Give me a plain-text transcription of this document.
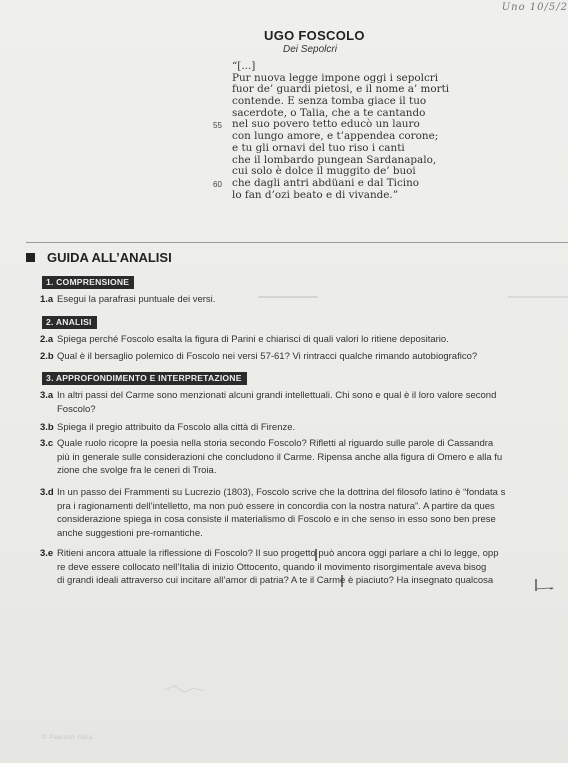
Uno 10/5/2
UGO FOSCOLO
Dei Sepolcri
“[...]
Pur nuova legge impone oggi i sepolcri
fuor de’ guardi pietosi, e il nome a’ morti
contende. E senza tomba giace il tuo
sacerdote, o Talia, che a te cantando
55 nel suo povero tetto educò un lauro
con lungo amore, e t’appendea corone;
e tu gli ornavi del tuo riso i canti
che il lombardo pungean Sardanapalo,
cui solo è dolce il muggito de’ buoi
60 che dagli antri abdüani e dal Ticino
lo fan d’ozi beato e di vivande.”
GUIDA ALL’ANALISI
1. COMPRENSIONE
1.a Esegui la parafrasi puntuale dei versi.
2. ANALISI
2.a Spiega perché Foscolo esalta la figura di Parini e chiarisci di quali valori lo ritiene depositario.
2.b Qual è il bersaglio polemico di Foscolo nei versi 57-61? Vi rintracci qualche rimando autobiografico?
3. APPROFONDIMENTO E INTERPRETAZIONE
3.a In altri passi del Carme sono menzionati alcuni grandi intellettuali. Chi sono e qual è il loro valore second
Foscolo?
3.b Spiega il pregio attribuito da Foscolo alla città di Firenze.
3.c Quale ruolo ricopre la poesia nella storia secondo Foscolo? Rifletti al riguardo sulle parole di Cassandra
più in generale sulle considerazioni che concludono il Carme. Ripensa anche alla figura di Omero e alla fu
zione che svolge fra le ceneri di Troia.
3.d In un passo dei Frammenti su Lucrezio (1803), Foscolo scrive che la dottrina del filosofo latino è “fondata s
pra i ragionamenti dell’intelletto, ma non può essere in concordia con la nostra natura”. A partire da ques
considerazione spiega in cosa consiste il materialismo di Foscolo e in che senso in esso sono ben prese
anche suggestioni pre-romantiche.
3.e Ritieni ancora attuale la riflessione di Foscolo? Il suo progetto può ancora oggi parlare a chi lo legge, opp
re deve essere collocato nell’Italia di inizio Ottocento, quando il movimento risorgimentale aveva bisog
di grandi ideali attraverso cui incitare all’amor di patria? A te il Carme è piaciuto? Ha insegnato qualcosa
© Pearson Italia
